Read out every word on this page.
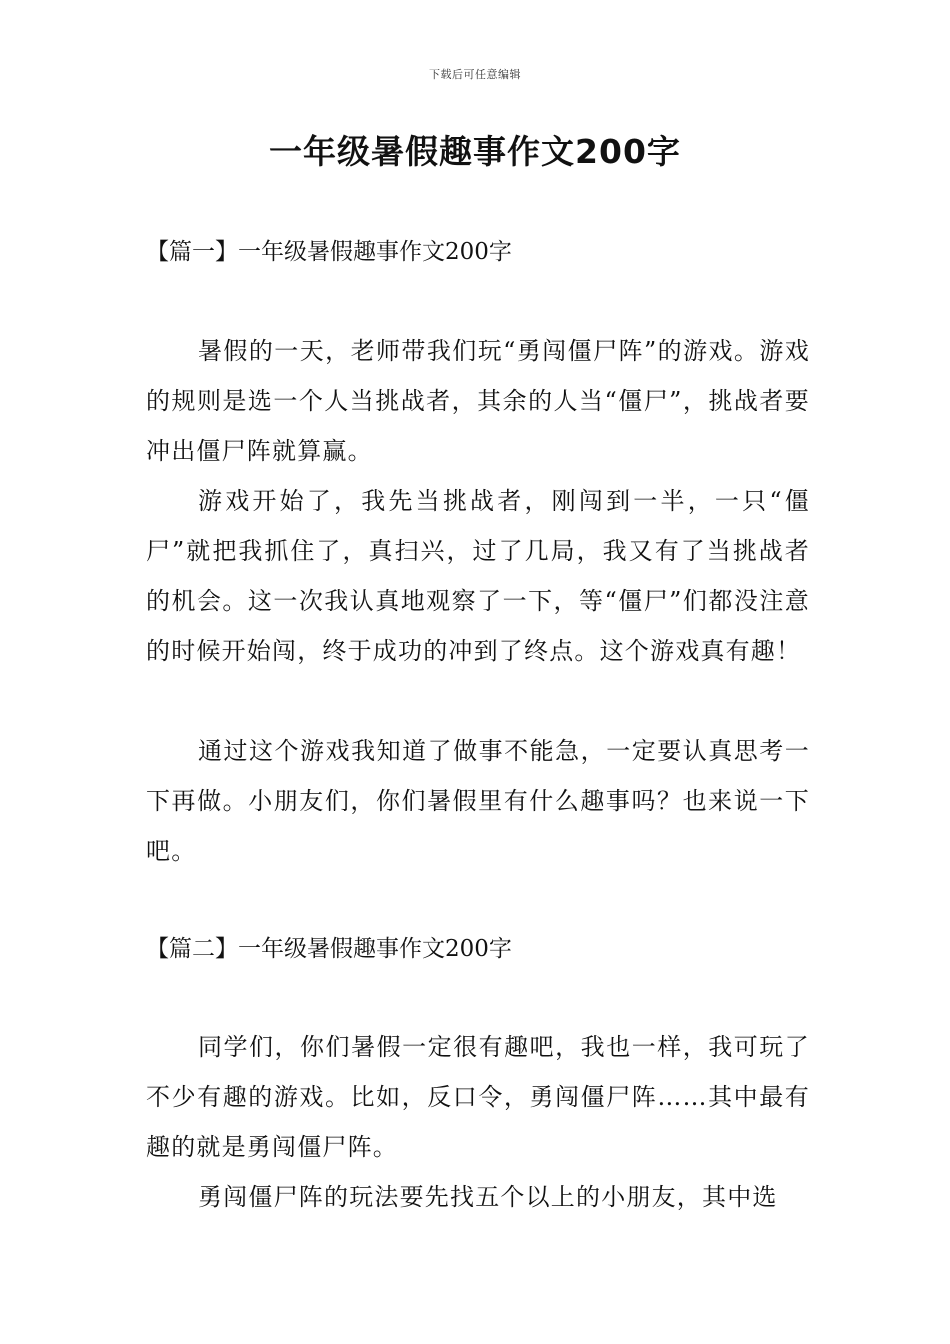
下载后可任意编辑
一年级暑假趣事作文200字
【篇一】一年级暑假趣事作文200字

暑假的一天，老师带我们玩“勇闯僵尸阵”的游戏。游戏的规则是选一个人当挑战者，其余的人当“僵尸”，挑战者要冲出僵尸阵就算赢。

游戏开始了，我先当挑战者，刚闯到一半，一只“僵尸”就把我抓住了，真扫兴，过了几局，我又有了当挑战者的机会。这一次我认真地观察了一下，等“僵尸”们都没注意的时候开始闯，终于成功的冲到了终点。这个游戏真有趣！

通过这个游戏我知道了做事不能急，一定要认真思考一下再做。小朋友们，你们暑假里有什么趣事吗？也来说一下吧。

【篇二】一年级暑假趣事作文200字

同学们，你们暑假一定很有趣吧，我也一样，我可玩了不少有趣的游戏。比如，反口令，勇闯僵尸阵……其中最有趣的就是勇闯僵尸阵。

勇闯僵尸阵的玩法要先找五个以上的小朋友，其中选
